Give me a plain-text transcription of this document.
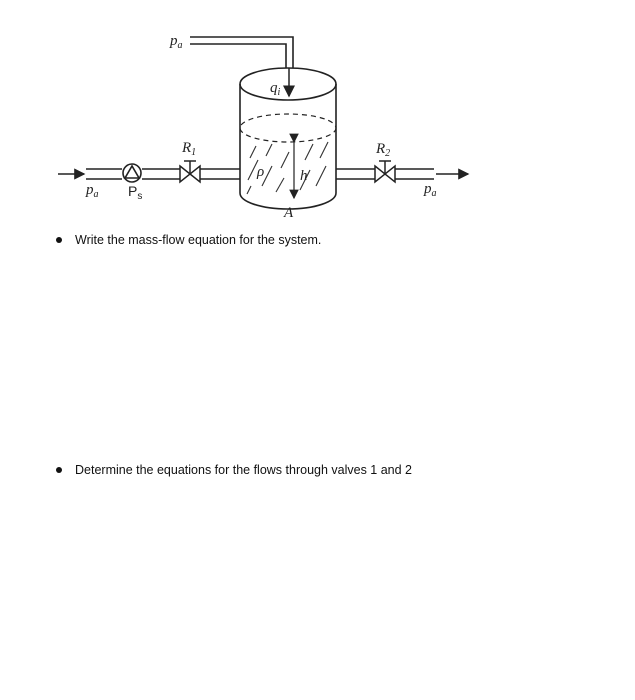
$p_a$
$q_i$
$R_1$	$R_2$
ρ h
A
$p_a$ $P_s$	$p_a$
Write the mass-flow equation for the system.
Determine the equations for the flows through valves 1 and 2
